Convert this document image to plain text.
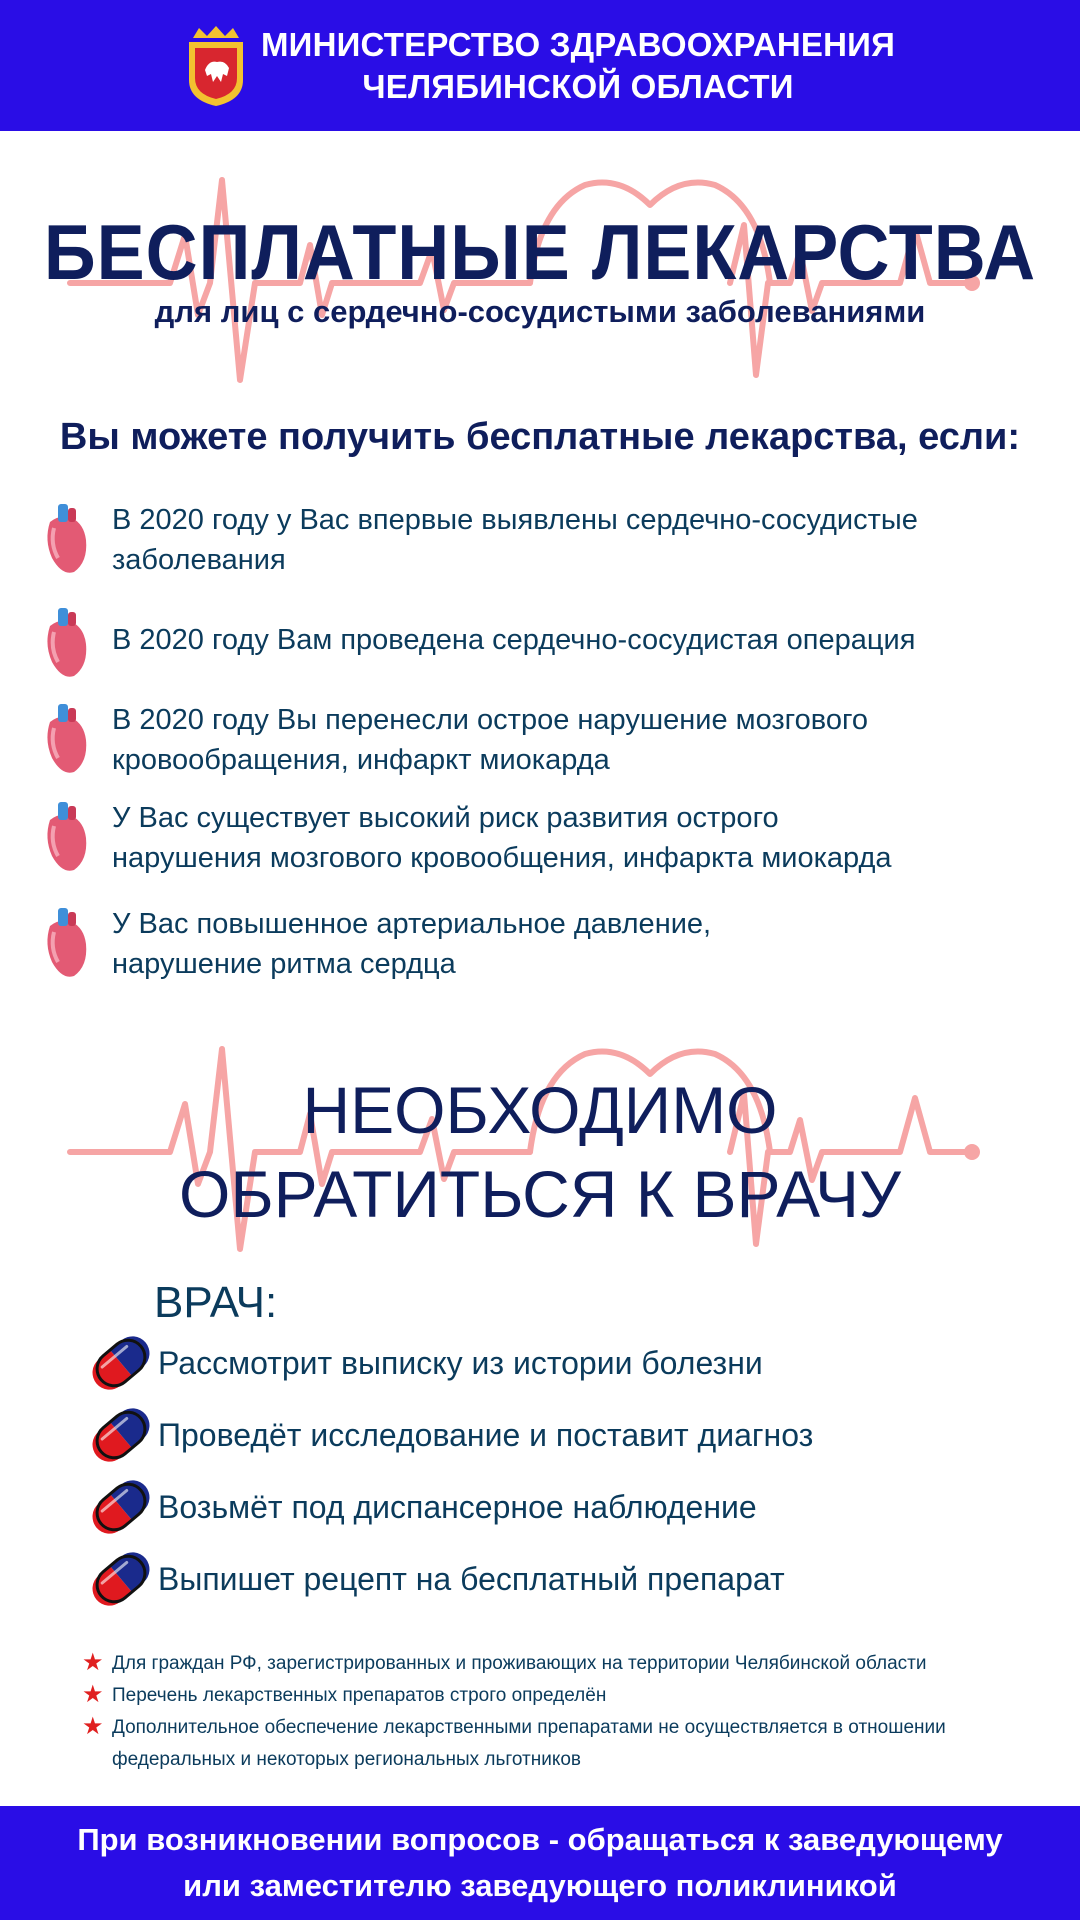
МИНИСТЕРСТВО ЗДРАВООХРАНЕНИЯ
ЧЕЛЯБИНСКОЙ ОБЛАСТИ
БЕСПЛАТНЫЕ ЛЕКАРСТВА
для лиц с сердечно-сосудистыми заболеваниями
Вы можете получить бесплатные лекарства, если:
В 2020 году у Вас впервые выявлены сердечно-сосудистые
заболевания
В 2020 году Вам проведена сердечно-сосудистая операция
В 2020 году Вы перенесли острое нарушение мозгового
кровообращения, инфаркт миокарда
У Вас существует высокий риск развития острого
нарушения мозгового кровообщения, инфаркта миокарда
У Вас повышенное артериальное давление,
нарушение ритма сердца
НЕОБХОДИМО
ОБРАТИТЬСЯ К ВРАЧУ
ВРАЧ:
Рассмотрит выписку из истории болезни
Проведёт исследование и поставит диагноз
Возьмёт под диспансерное наблюдение
Выпишет рецепт на бесплатный препарат
★ Для граждан РФ, зарегистрированных и проживающих на территории Челябинской области
★ Перечень лекарственных препаратов строго определён
★ Дополнительное обеспечение лекарственными препаратами не осуществляется в отношении федеральных и некоторых региональных льготников
При возникновении вопросов - обращаться к заведующему
или заместителю заведующего поликлиникой
